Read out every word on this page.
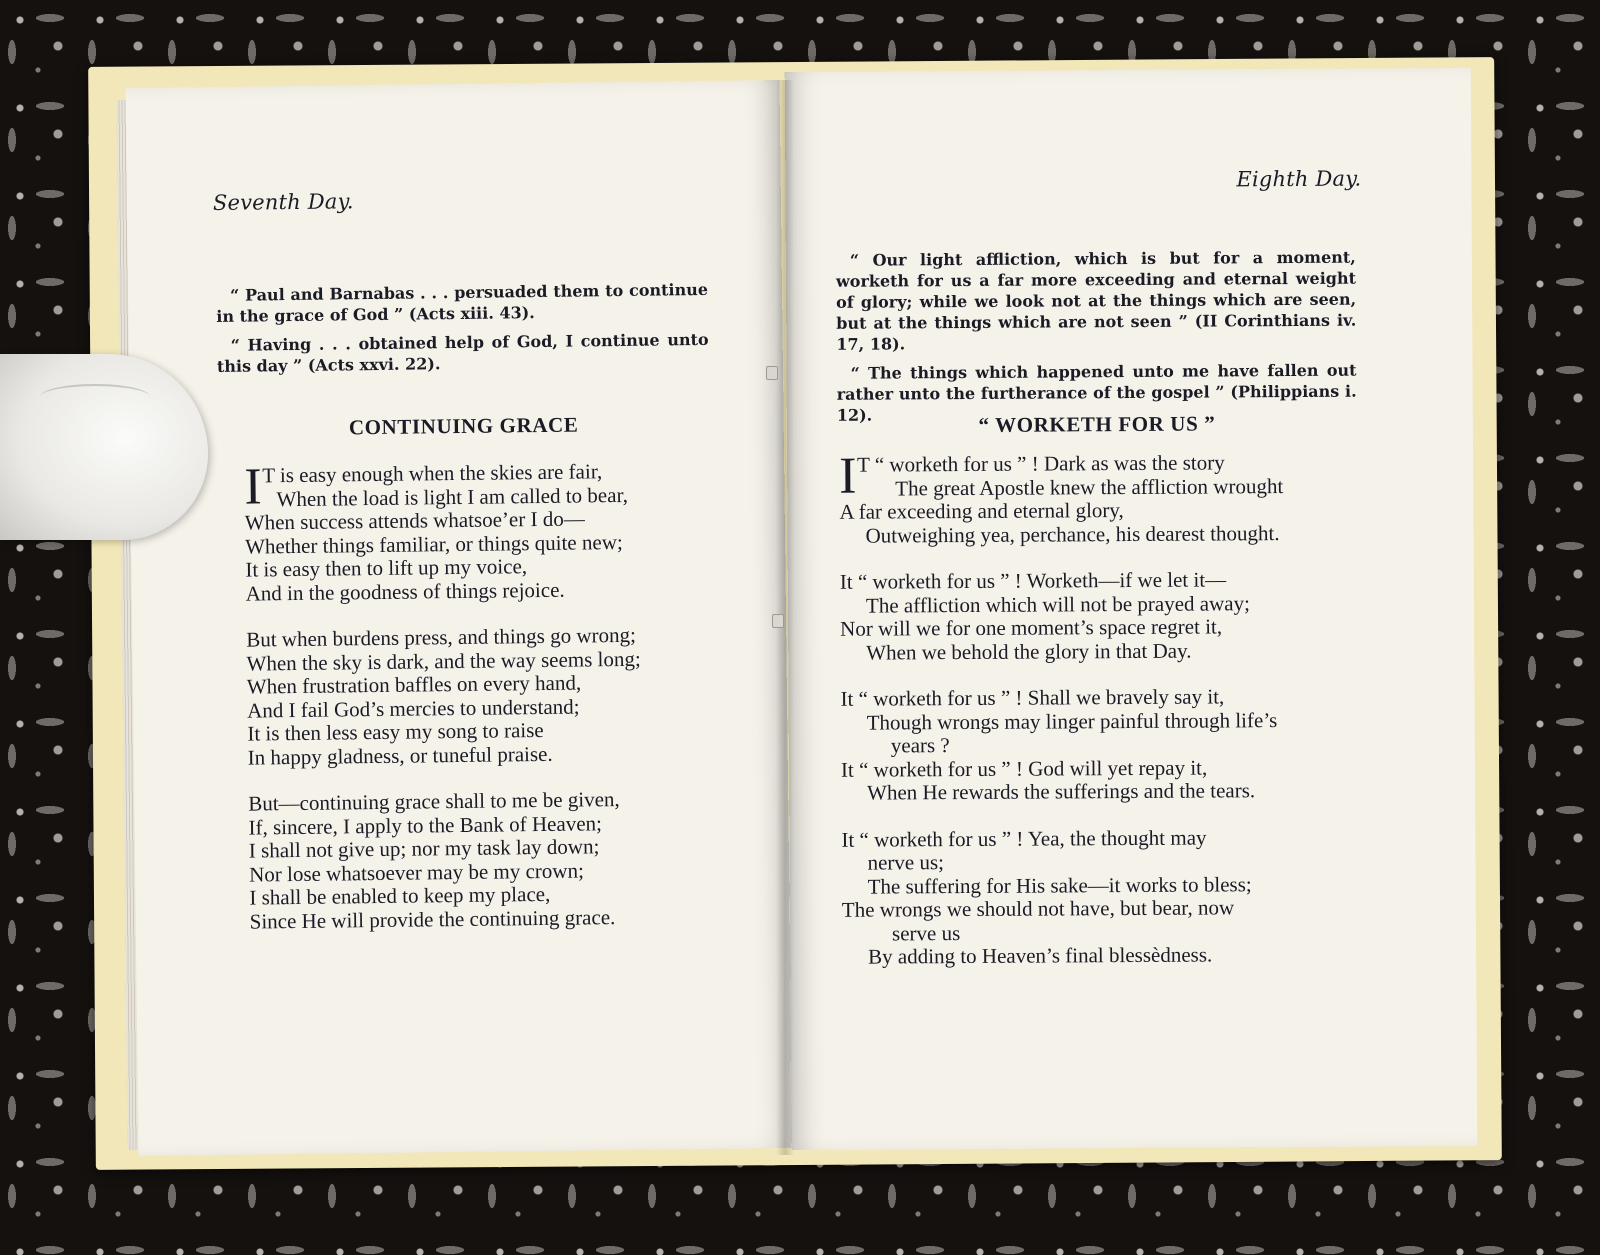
Seventh Day.

“ Paul and Barnabas . . . persuaded them to continue in the grace of God ” (Acts xiii. 43).

“ Having . . . obtained help of God, I continue unto this day ” (Acts xxvi. 22).

CONTINUING GRACE
I T is easy enough when the skies are fair,
When the load is light I am called to bear,
When success attends whatsoe’er I do—
Whether things familiar, or things quite new;
It is easy then to lift up my voice,
And in the goodness of things rejoice.
But when burdens press, and things go wrong;
When the sky is dark, and the way seems long;
When frustration baffles on every hand,
And I fail God’s mercies to understand;
It is then less easy my song to raise
In happy gladness, or tuneful praise.
But—continuing grace shall to me be given,
If, sincere, I apply to the Bank of Heaven;
I shall not give up; nor my task lay down;
Nor lose whatsoever may be my crown;
I shall be enabled to keep my place,
Since He will provide the continuing grace.
Eighth Day.

“ Our light affliction, which is but for a moment, worketh for us a far more exceeding and eternal weight of glory; while we look not at the things which are seen, but at the things which are not seen ” (II Corinthians iv. 17, 18).

“ The things which happened unto me have fallen out rather unto the furtherance of the gospel ” (Philippians i. 12).	“ WORKETH FOR US ”
I T “ worketh for us ” ! Dark as was the story
The great Apostle knew the affliction wrought
A far exceeding and eternal glory,
Outweighing yea, perchance, his dearest thought.
It “ worketh for us ” ! Worketh—if we let it—
The affliction which will not be prayed away;
Nor will we for one moment’s space regret it,
When we behold the glory in that Day.
It “ worketh for us ” ! Shall we bravely say it,
Though wrongs may linger painful through life’s
years ?
It “ worketh for us ” ! God will yet repay it,
When He rewards the sufferings and the tears.
It “ worketh for us ” ! Yea, the thought may
nerve us;
The suffering for His sake—it works to bless;
The wrongs we should not have, but bear, now
serve us
By adding to Heaven’s final blessèdness.
